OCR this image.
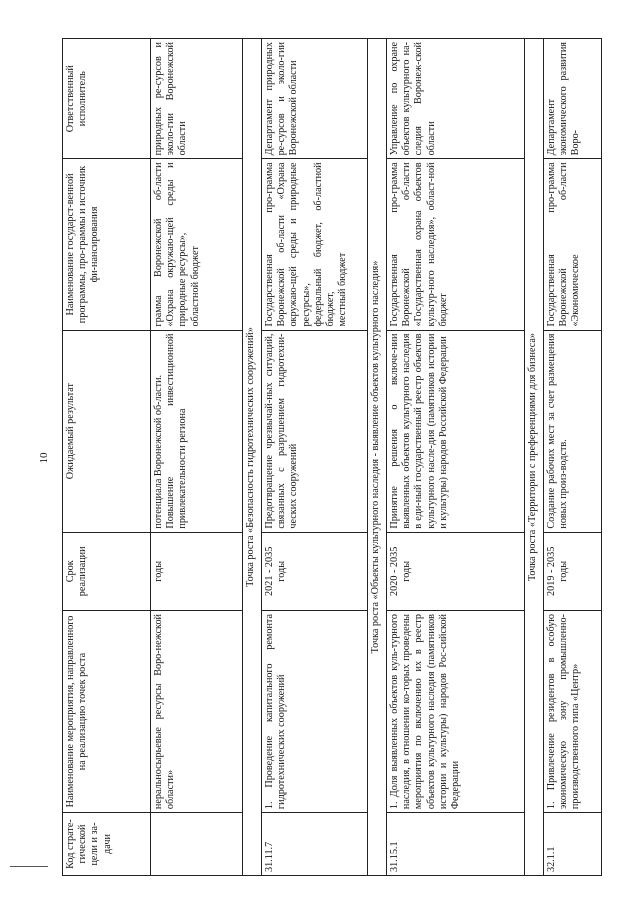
10
Код страте-гической цели и за-дачи	Наименование мероприятия, направленного на реализацию точек роста	Срок реализации	Ожидаемый результат	Наименование государст-венной программы, про-граммы и источник фи-нансирования	Ответственный исполнитель
	неральносырьевые ресурсы Воро-нежской области»	годы	потенциала Воронежской об-ласти. Повышение инвестиционной привлекательности региона	грамма Воронежской об-ласти «Охрана окружаю-щей среды и природные ресурсы», областной бюджет	природных ре-сурсов и эколо-гии Воронежской области
Точка роста «Безопасность гидротехнических сооружений»					
31.11.7	1. Проведение капитального ремонта гидротехнических сооружений	2021 - 2035 годы	Предотвращение чрезвычай-ных ситуаций, связанных с разрушением гидротехни-ческих сооружений	Государственная про-грамма Воронежской об-ласти «Охрана окружаю-щей среды и природные ресурсы», федеральный бюджет, об-ластной бюджет, местный бюджет	Департамент природных ре-сурсов и эколо-гии Воронежской области
Точка роста «Объекты культурного наследия - выявление объектов культурного наследия»					
31.15.1	1. Доля выявленных объектов куль-турного наследия, в отношении ко-торых проведены мероприятия по включению их в реестр объектов культурного наследия (памятников истории и культуры) народов Рос-сийской Федерации	2020 - 2035 годы	Принятие решения о включе-нии выявленных объектов культурного наследия в еди-ный государственный реестр объектов культурного насле-дия (памятников истории и культуры) народов Российской Федерации	Государственная про-грамма Воронежской об-ласти «Государственная охрана объектов культур-ного наследия», област-ной бюджет	Управление по охране объектов культурного на-следия Воронеж-ской области
Точка роста «Территории с преференциями для бизнеса»					
32.1.1	1. Привлечение резидентов в особую экономическую зону промышленно-производственного типа «Центр»	2019 - 2035 годы	Создание рабочих мест за счет размещения новых произ-водств.	Государственная про-грамма Воронежской об-ласти «Экономическое	Департамент экономического развития Воро-
